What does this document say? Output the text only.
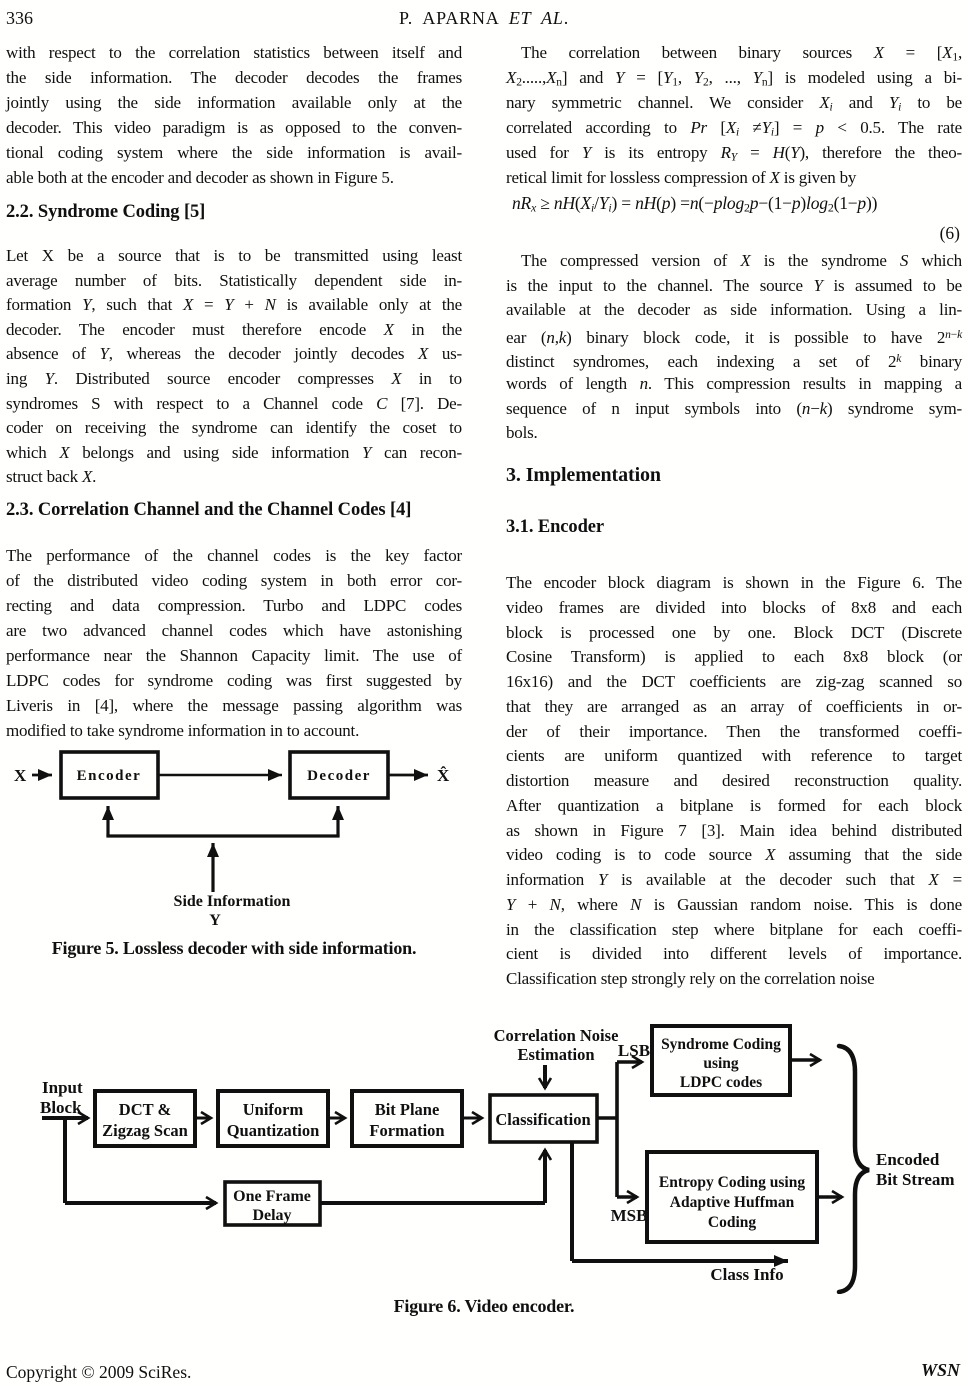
336	P. APARNA ET AL.
with respect to the correlation statistics between itself and
the side information. The decoder decodes the frames
jointly using the side information available only at the
decoder. This video paradigm is as opposed to the conven-
tional coding system where the side information is avail-
able both at the encoder and decoder as shown in Figure 5.
2.2. Syndrome Coding [5]
Let X be a source that is to be transmitted using least
average number of bits. Statistically dependent side in-
formation Y, such that X = Y + N is available only at the
decoder. The encoder must therefore encode X in the
absence of Y, whereas the decoder jointly decodes X us-
ing Y. Distributed source encoder compresses X in to
syndromes S with respect to a Channel code C [7]. De-
coder on receiving the syndrome can identify the coset to
which X belongs and using side information Y can recon-
struct back X.
2.3. Correlation Channel and the Channel Codes [4]
The performance of the channel codes is the key factor
of the distributed video coding system in both error cor-
recting and data compression. Turbo and LDPC codes
are two advanced channel codes which have astonishing
performance near the Shannon Capacity limit. The use of
LDPC codes for syndrome coding was first suggested by
Liveris in [4], where the message passing algorithm was
modified to take syndrome information in to account.
X	Encoder	Decoder	X̂
Side Information
Y
Figure 5. Lossless decoder with side information.
The correlation between binary sources $X = [X_1$,
$X_2.....,X_n$] and $Y = [Y_1$, $Y_2$, ..., $Y_n$] is modeled using a bi-
nary symmetric channel. We consider $X_i$ and $Y_i$ to be
correlated according to Pr $[X_i \ne Y_i] = p < 0.5$. The rate
used for Y is its entropy $R_Y = H(Y)$, therefore the theo-
retical limit for lossless compression of X is given by
$nR_x \ge nH(X_i/Y_i) = nH(p) =n(-plog_2p-(1-p)\log_2(1-p))$
(6)
The compressed version of X is the syndrome S which
is the input to the channel. The source Y is assumed to be
available at the decoder as side information. Using a lin-
ear (n,k) binary block code, it is possible to have $2^{n-k}$
distinct syndromes, each indexing a set of 2$^k$ binary
words of length n. This compression results in mapping a
sequence of n input symbols into (n−k) syndrome sym-
bols.
3. Implementation
3.1. Encoder
The encoder block diagram is shown in the Figure 6. The
video frames are divided into blocks of 8x8 and each
block is processed one by one. Block DCT (Discrete
Cosine Transform) is applied to each 8x8 block (or
16x16) and the DCT coefficients are zig-zag scanned so
that they are arranged as an array of coefficients in or-
der of their importance. Then the transformed coeffi-
cients are uniform quantized with reference to target
distortion measure and desired reconstruction quality.
After quantization a bitplane is formed for each block
as shown in Figure 7 [3]. Main idea behind distributed
video coding is to code source X assuming that the side
information Y is available at the decoder such that X =
Y + N, where N is Gaussian random noise. This is done
in the classification step where bitplane for each coeffi-
cient is divided into different levels of importance.
Classification step strongly rely on the correlation noise
Input
Block DCT &
Zigzag Scan
Uniform
Quantization
Bit Plane
Formation
One Frame
Delay
Correlation Noise
Estimation
Classification
LSB
MSB
Syndrome Coding
using
LDPC codes
Entropy Coding using
Adaptive Huffman
Coding
Class Info
Encoded
Bit Stream
Figure 6. Video encoder.
Copyright © 2009 SciRes.	WSN
